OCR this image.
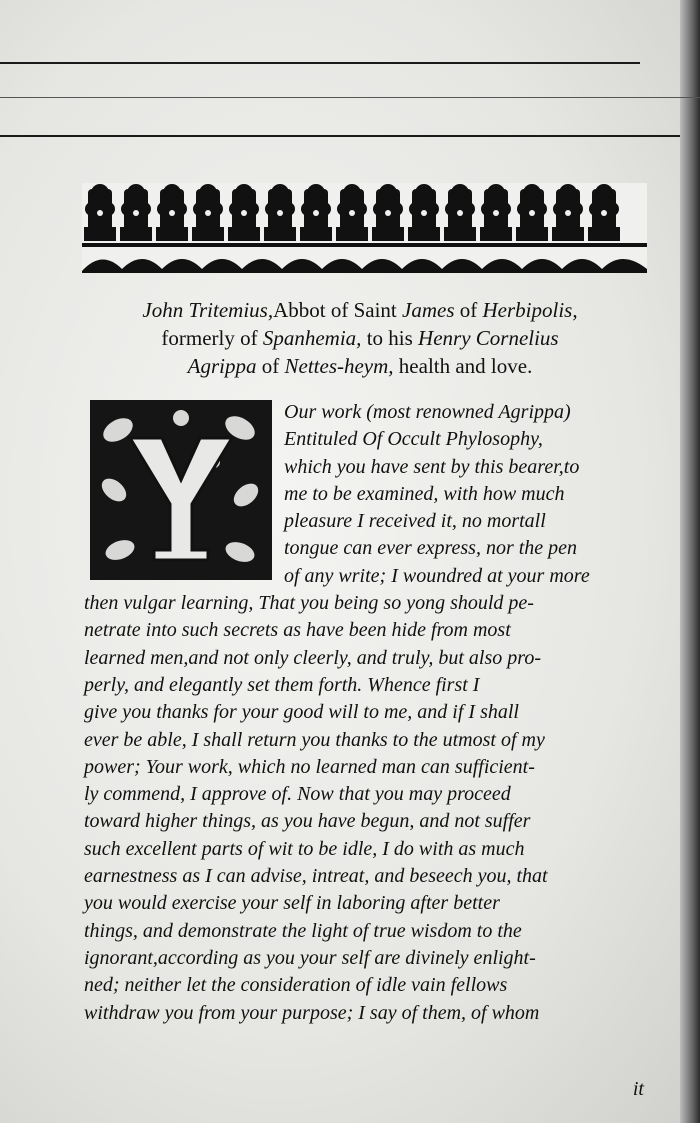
John Tritemius,Abbot of Saint James of Herbipolis,
formerly of Spanhemia, to his Henry Cornelius
Agrippa of Nettes-heym, health and love.
Our work (most renowned Agrippa)
Entituled Of Occult Phylosophy,
which you have sent by this bearer,to
me to be examined, with how much
pleasure I received it, no mortall
tongue can ever express, nor the pen
of any write; I woundred at your more
then vulgar learning, That you being so yong should pe-
netrate into such secrets as have been hide from most
learned men,and not only cleerly, and truly, but also pro-
perly, and elegantly set them forth. Whence first I
give you thanks for your good will to me, and if I shall
ever be able, I shall return you thanks to the utmost of my
power; Your work, which no learned man can sufficient-
ly commend, I approve of. Now that you may proceed
toward higher things, as you have begun, and not suffer
such excellent parts of wit to be idle, I do with as much
earnestness as I can advise, intreat, and beseech you, that
you would exercise your self in laboring after better
things, and demonstrate the light of true wisdom to the
ignorant,according as you your self are divinely enlight-
ned; neither let the consideration of idle vain fellows
withdraw you from your purpose; I say of them, of whom
it
